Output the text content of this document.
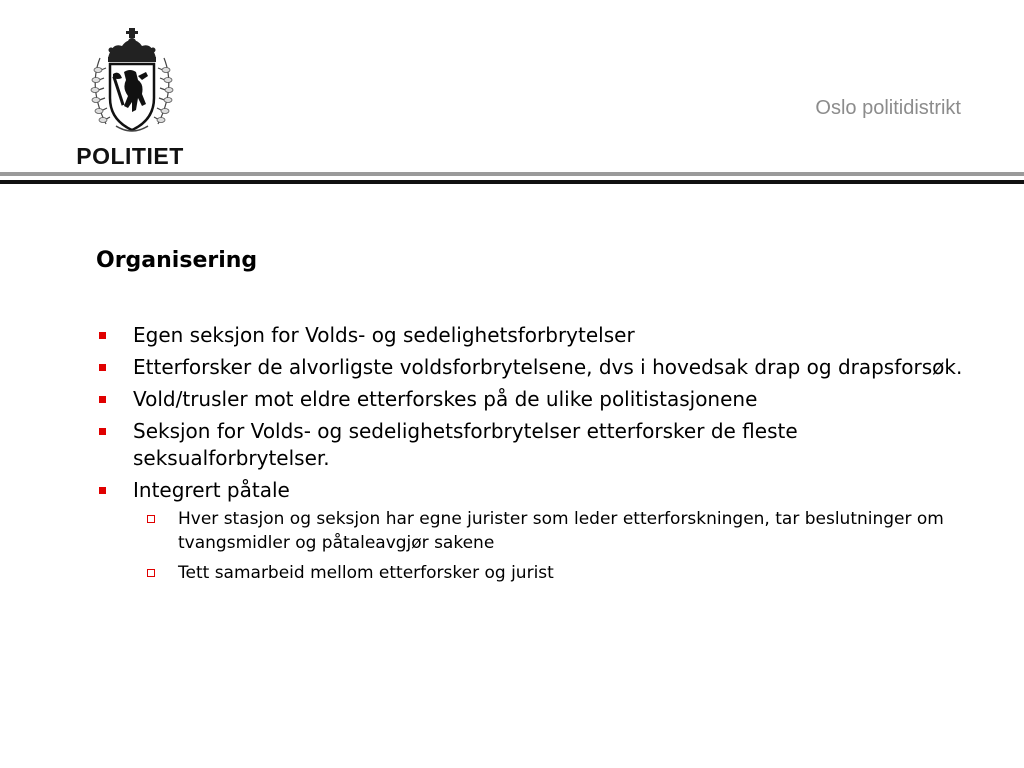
POLITIET
Oslo politidistrikt
Organisering
Egen seksjon for Volds- og sedelighetsforbrytelser
Etterforsker de alvorligste voldsforbrytelsene, dvs i hovedsak drap og drapsforsøk.
Vold/trusler mot eldre etterforskes på de ulike politistasjonene
Seksjon for Volds- og sedelighetsforbrytelser etterforsker de fleste seksualforbrytelser.
Integrert påtale
Hver stasjon og seksjon har egne jurister som leder etterforskningen, tar beslutninger om tvangsmidler og påtaleavgjør sakene
Tett samarbeid mellom etterforsker og jurist
